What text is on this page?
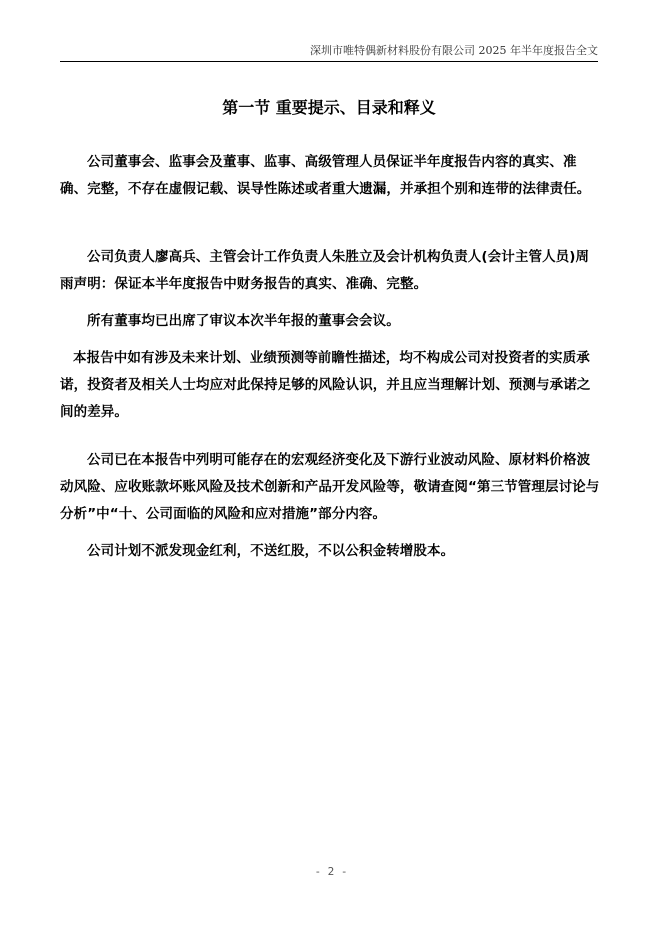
深圳市唯特偶新材料股份有限公司 2025 年半年度报告全文
第一节 重要提示、目录和释义

公司董事会、监事会及董事、监事、高级管理人员保证半年度报告内容的真实、准确、完整，不存在虚假记载、误导性陈述或者重大遗漏，并承担个别和连带的法律责任。

公司负责人廖高兵、主管会计工作负责人朱胜立及会计机构负责人(会计主管人员)周雨声明：保证本半年度报告中财务报告的真实、准确、完整。

所有董事均已出席了审议本次半年报的董事会会议。

本报告中如有涉及未来计划、业绩预测等前瞻性描述，均不构成公司对投资者的实质承诺，投资者及相关人士均应对此保持足够的风险认识，并且应当理解计划、预测与承诺之间的差异。

公司已在本报告中列明可能存在的宏观经济变化及下游行业波动风险、原材料价格波动风险、应收账款坏账风险及技术创新和产品开发风险等，敬请查阅“第三节管理层讨论与分析”中“十、公司面临的风险和应对措施”部分内容。

公司计划不派发现金红利，不送红股，不以公积金转增股本。

- 2 -
